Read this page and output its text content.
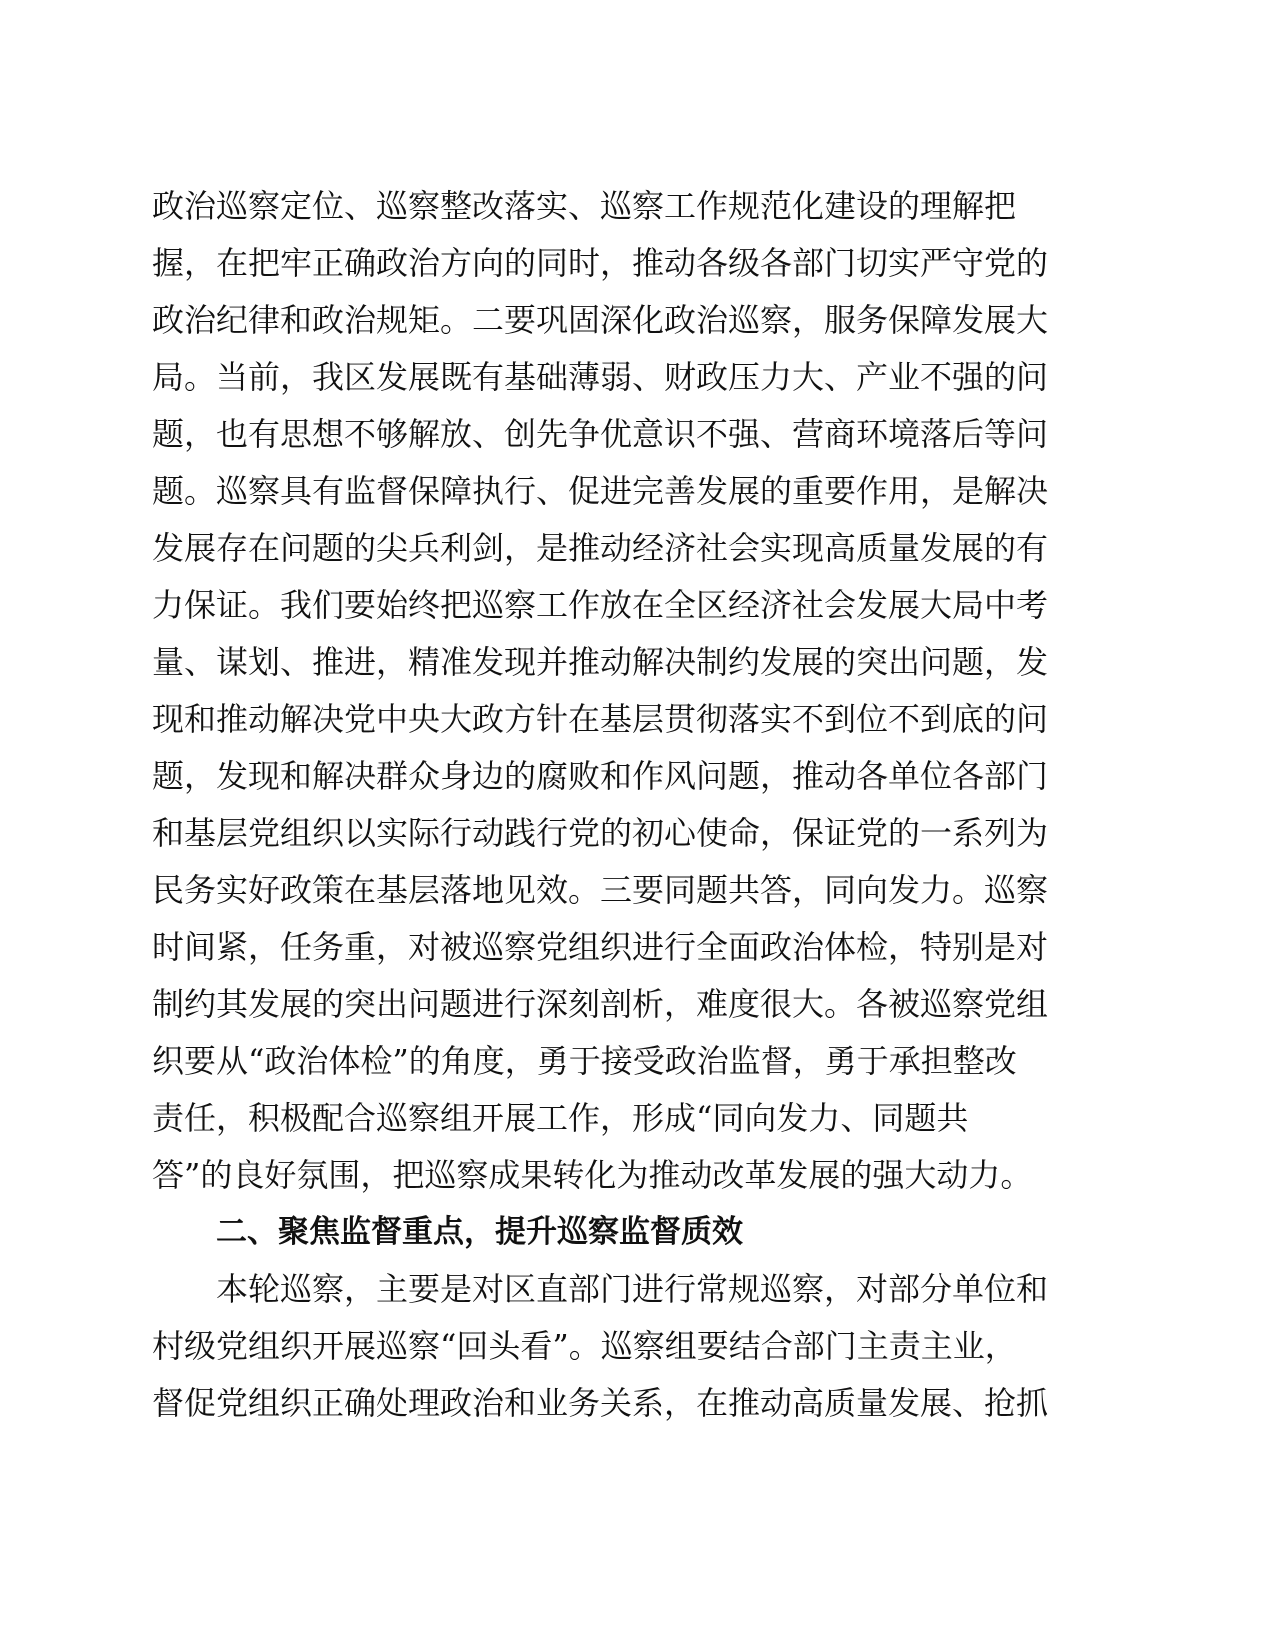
政治巡察定位、巡察整改落实、巡察工作规范化建设的理解把
握，在把牢正确政治方向的同时，推动各级各部门切实严守党的
政治纪律和政治规矩。二要巩固深化政治巡察，服务保障发展大
局。当前，我区发展既有基础薄弱、财政压力大、产业不强的问
题，也有思想不够解放、创先争优意识不强、营商环境落后等问
题。巡察具有监督保障执行、促进完善发展的重要作用，是解决
发展存在问题的尖兵利剑，是推动经济社会实现高质量发展的有
力保证。我们要始终把巡察工作放在全区经济社会发展大局中考
量、谋划、推进，精准发现并推动解决制约发展的突出问题，发
现和推动解决党中央大政方针在基层贯彻落实不到位不到底的问
题，发现和解决群众身边的腐败和作风问题，推动各单位各部门
和基层党组织以实际行动践行党的初心使命，保证党的一系列为
民务实好政策在基层落地见效。三要同题共答，同向发力。巡察
时间紧，任务重，对被巡察党组织进行全面政治体检，特别是对
制约其发展的突出问题进行深刻剖析，难度很大。各被巡察党组
织要从“政治体检”的角度，勇于接受政治监督，勇于承担整改
责任，积极配合巡察组开展工作，形成“同向发力、同题共
答”的良好氛围，把巡察成果转化为推动改革发展的强大动力。
二、聚焦监督重点，提升巡察监督质效
本轮巡察，主要是对区直部门进行常规巡察，对部分单位和
村级党组织开展巡察“回头看”。巡察组要结合部门主责主业，
督促党组织正确处理政治和业务关系，在推动高质量发展、抢抓
